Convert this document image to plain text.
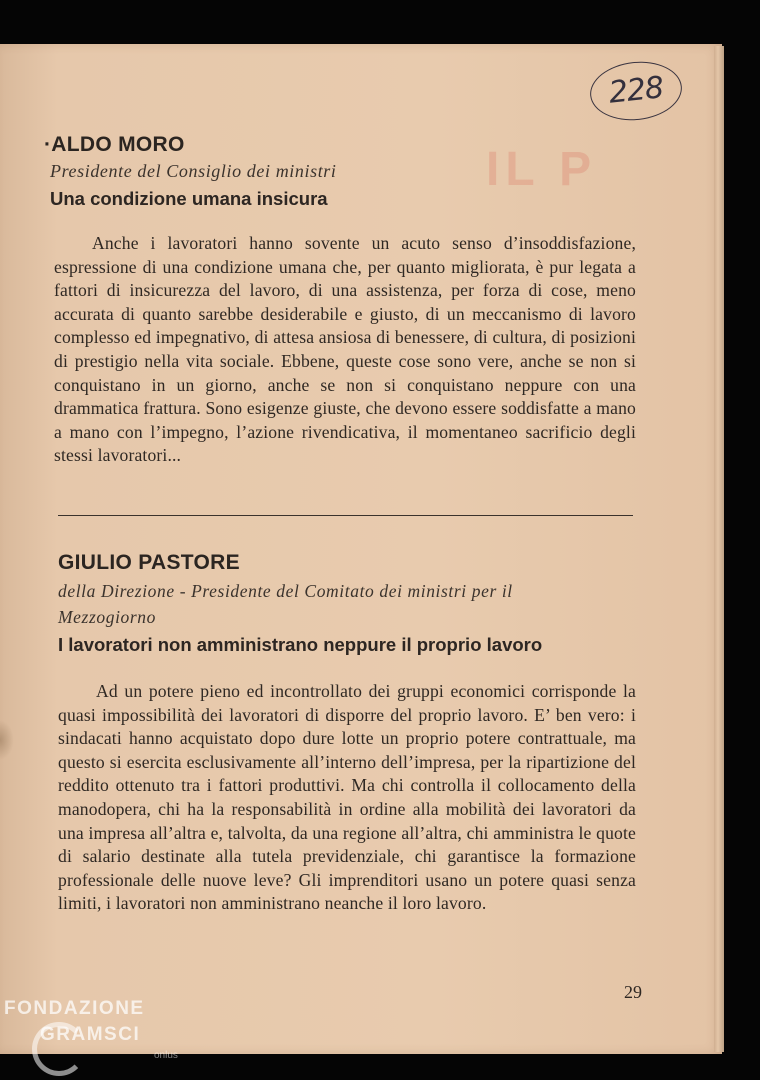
IL P
228
·ALDO MORO

Presidente del Consiglio dei ministri

Una condizione umana insicura

Anche i lavoratori hanno sovente un acuto senso d’insoddisfazione, espressione di una condizione umana che, per quanto migliorata, è pur legata a fattori di insicurezza del lavoro, di una assistenza, per forza di cose, meno accurata di quanto sarebbe desiderabile e giusto, di un meccanismo di lavoro complesso ed impegnativo, di attesa ansiosa di benessere, di cultura, di posizioni di prestigio nella vita sociale. Ebbene, queste cose sono vere, anche se non si conquistano in un giorno, anche se non si conquistano neppure con una drammatica frattura. Sono esigenze giuste, che devono essere soddisfatte a mano a mano con l’impegno, l’azione rivendicativa, il momentaneo sacrificio degli stessi lavoratori...

GIULIO PASTORE

della Direzione - Presidente del Comitato dei ministri per il

Mezzogiorno

I lavoratori non amministrano neppure il proprio lavoro

Ad un potere pieno ed incontrollato dei gruppi economici corrisponde la quasi impossibilità dei lavoratori di disporre del proprio lavoro. E’ ben vero: i sindacati hanno acquistato dopo dure lotte un proprio potere contrattuale, ma questo si esercita esclusivamente all’interno dell’impresa, per la ripartizione del reddito ottenuto tra i fattori produttivi. Ma chi controlla il collocamento della manodopera, chi ha la responsabilità in ordine alla mobilità dei lavoratori da una impresa all’altra e, talvolta, da una regione all’altra, chi amministra le quote di salario destinate alla tutela previdenziale, chi garantisce la formazione professionale delle nuove leve? Gli imprenditori usano un potere quasi senza limiti, i lavoratori non amministrano neanche il loro lavoro.

29
FONDAZIONE
GRAMSCI
onlus
